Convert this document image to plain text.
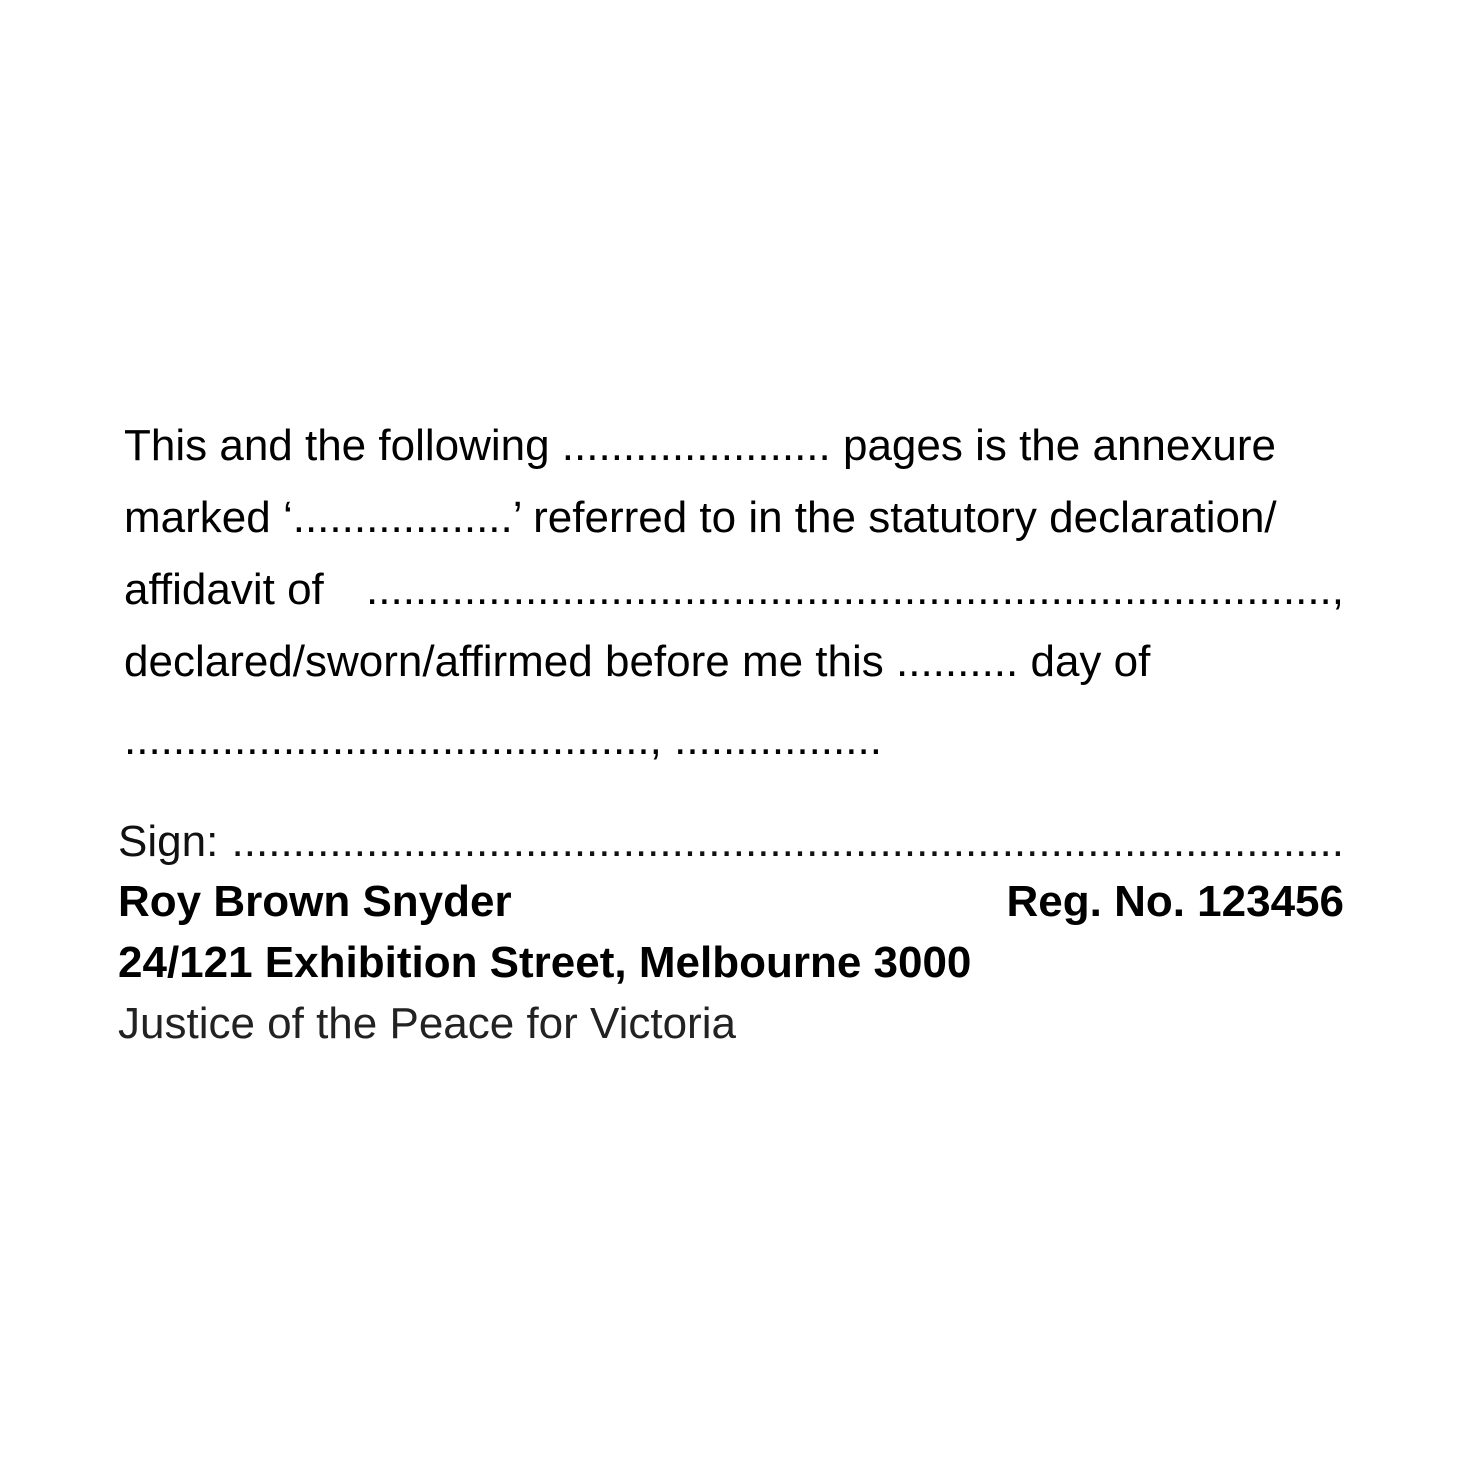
This and the following ...................... pages is the annexure
marked ‘..................’ referred to in the statutory declaration/
affidavit of ...............................................................................,
declared/sworn/affirmed before me this .......... day of
..........................................., .................
Sign: ...........................................................................................
Roy Brown Snyder	Reg. No. 123456
24/121 Exhibition Street, Melbourne 3000
Justice of the Peace for Victoria
